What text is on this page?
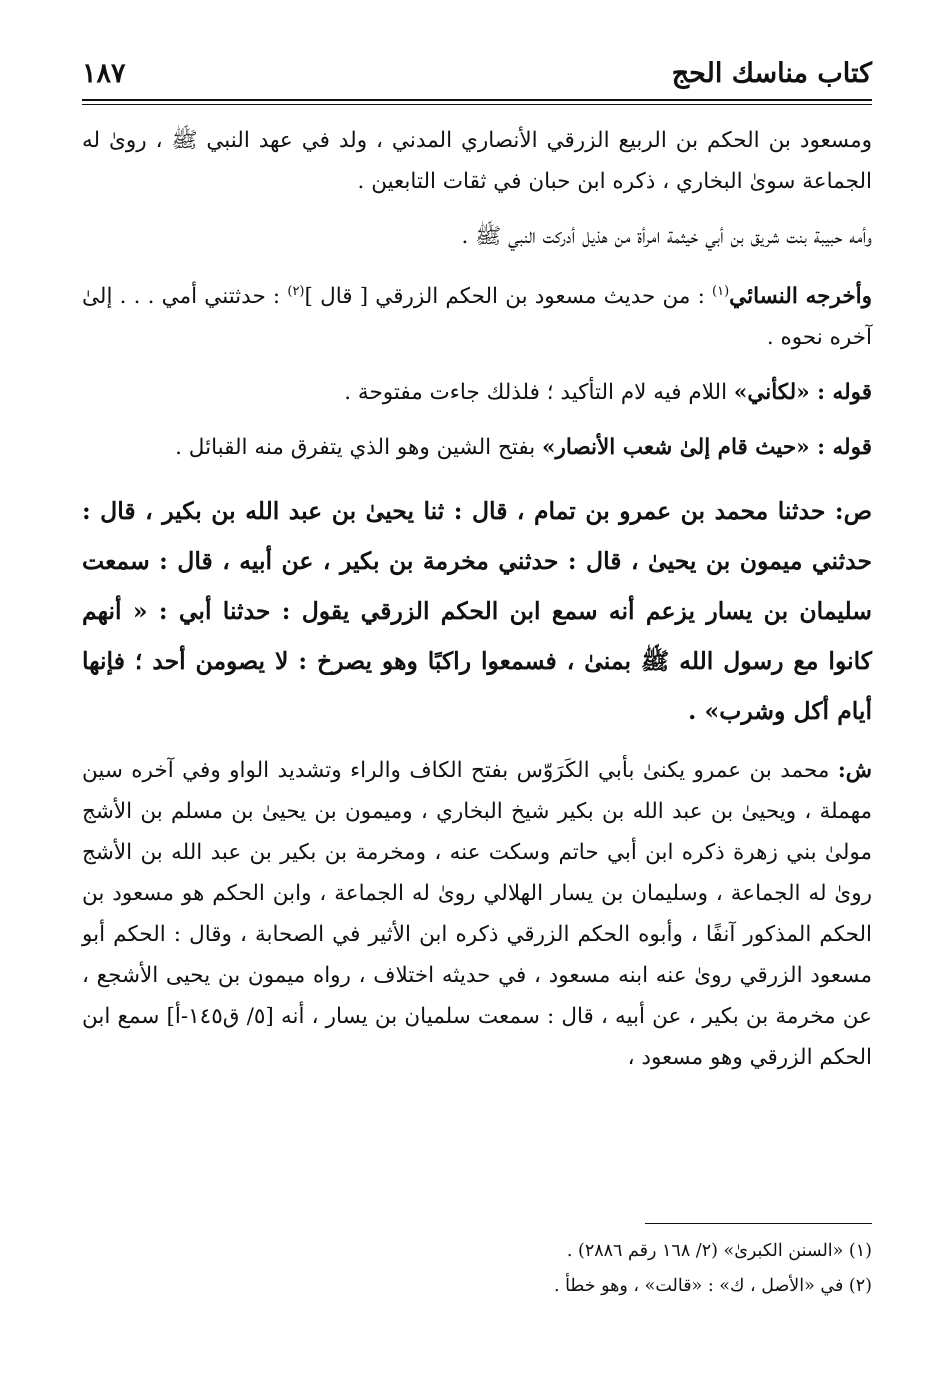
كتاب مناسك الحج
١٨٧

ومسعود بن الحكم بن الربيع الزرقي الأنصاري المدني ، ولد في عهد النبي ﷺ ، روىٰ له الجماعة سوىٰ البخاري ، ذكره ابن حبان في ثقات التابعين .

وأمه حبيبة بنت شريق بن أبي خيثمة امرأة من هذيل أدركت النبي ﷺ .

وأخرجه النسائي$^{(١)}$ : من حديث مسعود بن الحكم الزرقي [ قال ]$^{(٢)}$ : حدثتني أمي . . . إلىٰ آخره نحوه .

قوله : «لكأني» اللام فيه لام التأكيد ؛ فلذلك جاءت مفتوحة .

قوله : «حيث قام إلىٰ شعب الأنصار» بفتح الشين وهو الذي يتفرق منه القبائل .

ص: حدثنا محمد بن عمرو بن تمام ، قال : ثنا يحيىٰ بن عبد الله بن بكير ، قال : حدثني ميمون بن يحيىٰ ، قال : حدثني مخرمة بن بكير ، عن أبيه ، قال : سمعت سليمان بن يسار يزعم أنه سمع ابن الحكم الزرقي يقول : حدثنا أبي : « أنهم كانوا مع رسول الله ﷺ بمنىٰ ، فسمعوا راكبًا وهو يصرخ : لا يصومن أحد ؛ فإنها أيام أكل وشرب» .

ش: محمد بن عمرو يكنىٰ بأبي الكَرَوّس بفتح الكاف والراء وتشديد الواو وفي آخره سين مهملة ، ويحيىٰ بن عبد الله بن بكير شيخ البخاري ، وميمون بن يحيىٰ بن مسلم بن الأشج مولىٰ بني زهرة ذكره ابن أبي حاتم وسكت عنه ، ومخرمة بن بكير بن عبد الله بن الأشج روىٰ له الجماعة ، وسليمان بن يسار الهلالي روىٰ له الجماعة ، وابن الحكم هو مسعود بن الحكم المذكور آنفًا ، وأبوه الحكم الزرقي ذكره ابن الأثير في الصحابة ، وقال : الحكم أبو مسعود الزرقي روىٰ عنه ابنه مسعود ، في حديثه اختلاف ، رواه ميمون بن يحيى الأشجع ، عن مخرمة بن بكير ، عن أبيه ، قال : سمعت سلميان بن يسار ، أنه [٥/ ق١٤٥-أ] سمع ابن الحكم الزرقي وهو مسعود ،

(١) «السنن الكبرىٰ» (٢/ ١٦٨ رقم ٢٨٨٦) .

(٢) في «الأصل ، ك» : «قالت» ، وهو خطأ .
